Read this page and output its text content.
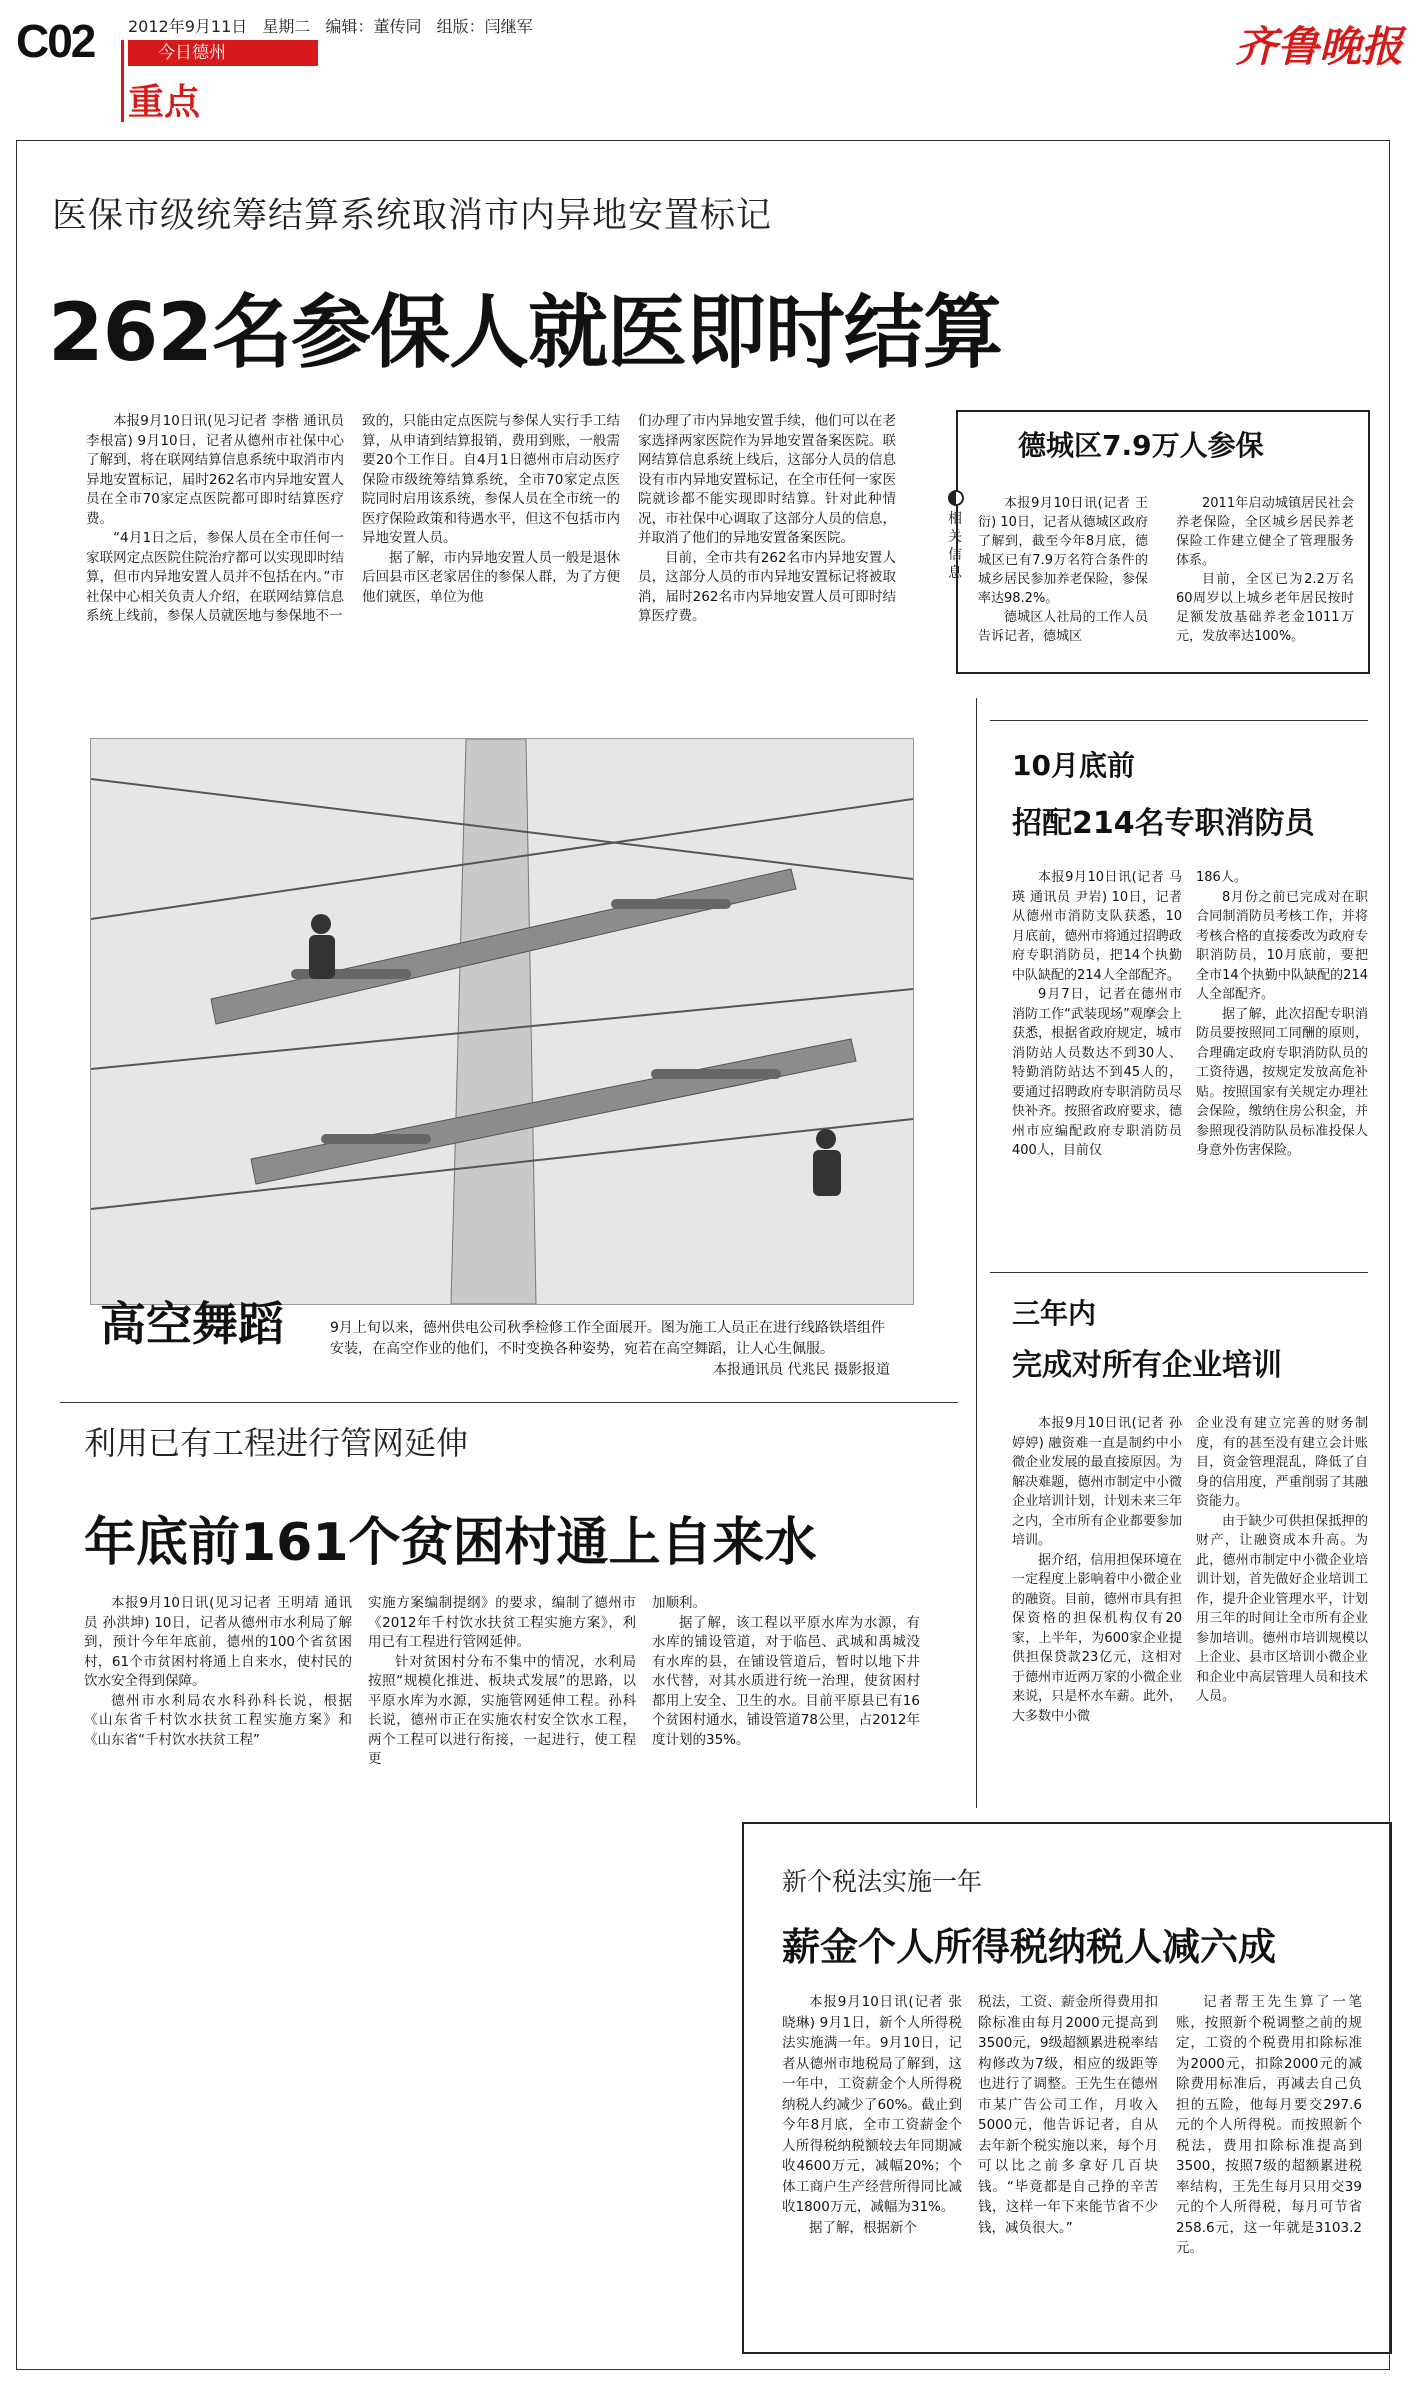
C02 2012年9月11日 星期二 编辑：董传同 组版：闫继军
今日德州
重点
齐鲁晚报
医保市级统筹结算系统取消市内异地安置标记
262名参保人就医即时结算

本报9月10日讯(见习记者 李楷 通讯员 李根富) 9月10日，记者从德州市社保中心了解到，将在联网结算信息系统中取消市内异地安置标记，届时262名市内异地安置人员在全市70家定点医院都可即时结算医疗费。

“4月1日之后，参保人员在全市任何一家联网定点医院住院治疗都可以实现即时结算，但市内异地安置人员并不包括在内。”市社保中心相关负责人介绍，在联网结算信息系统上线前，参保人员就医地与参保地不一

致的，只能由定点医院与参保人实行手工结算，从申请到结算报销，费用到账，一般需要20个工作日。自4月1日德州市启动医疗保险市级统筹结算系统，全市70家定点医院同时启用该系统，参保人员在全市统一的医疗保险政策和待遇水平，但这不包括市内异地安置人员。

据了解，市内异地安置人员一般是退休后回县市区老家居住的参保人群，为了方便他们就医，单位为他

们办理了市内异地安置手续，他们可以在老家选择两家医院作为异地安置备案医院。联网结算信息系统上线后，这部分人员的信息设有市内异地安置标记，在全市任何一家医院就诊都不能实现即时结算。针对此种情况，市社保中心调取了这部分人员的信息，并取消了他们的异地安置备案医院。

目前，全市共有262名市内异地安置人员，这部分人员的市内异地安置标记将被取消，届时262名市内异地安置人员可即时结算医疗费。

德城区7.9万人参保
相关信息

本报9月10日讯(记者 王衍) 10日，记者从德城区政府了解到，截至今年8月底，德城区已有7.9万名符合条件的城乡居民参加养老保险，参保率达98.2%。

德城区人社局的工作人员告诉记者，德城区

2011年启动城镇居民社会养老保险，全区城乡居民养老保险工作建立健全了管理服务体系。

目前，全区已为2.2万名60周岁以上城乡老年居民按时足额发放基础养老金1011万元，发放率达100%。

高空舞蹈	9月上旬以来，德州供电公司秋季检修工作全面展开。图为施工人员正在进行线路铁塔组件安装，在高空作业的他们，不时变换各种姿势，宛若在高空舞蹈，让人心生佩服。
本报通讯员 代兆民 摄影报道
10月底前
招配214名专职消防员

本报9月10日讯(记者 马瑛 通讯员 尹岩) 10日，记者从德州市消防支队获悉，10月底前，德州市将通过招聘政府专职消防员，把14个执勤中队缺配的214人全部配齐。

9月7日，记者在德州市消防工作“武装现场”观摩会上获悉，根据省政府规定，城市消防站人员数达不到30人、特勤消防站达不到45人的，要通过招聘政府专职消防员尽快补齐。按照省政府要求，德州市应编配政府专职消防员400人，目前仅

186人。

8月份之前已完成对在职合同制消防员考核工作，并将考核合格的直接委改为政府专职消防员，10月底前，要把全市14个执勤中队缺配的214人全部配齐。

据了解，此次招配专职消防员要按照同工同酬的原则，合理确定政府专职消防队员的工资待遇，按规定发放高危补贴。按照国家有关规定办理社会保险，缴纳住房公积金，并参照现役消防队员标准投保人身意外伤害保险。

三年内
完成对所有企业培训

本报9月10日讯(记者 孙婷婷) 融资难一直是制约中小微企业发展的最直接原因。为解决难题，德州市制定中小微企业培训计划，计划未来三年之内，全市所有企业都要参加培训。

据介绍，信用担保环境在一定程度上影响着中小微企业的融资。目前，德州市具有担保资格的担保机构仅有20家，上半年，为600家企业提供担保贷款23亿元，这相对于德州市近两万家的小微企业来说，只是杯水车薪。此外，大多数中小微

企业没有建立完善的财务制度，有的甚至没有建立会计账目，资金管理混乱，降低了自身的信用度，严重削弱了其融资能力。

由于缺少可供担保抵押的财产，让融资成本升高。为此，德州市制定中小微企业培训计划，首先做好企业培训工作，提升企业管理水平，计划用三年的时间让全市所有企业参加培训。德州市培训规模以上企业、县市区培训小微企业和企业中高层管理人员和技术人员。

利用已有工程进行管网延伸
年底前161个贫困村通上自来水

本报9月10日讯(见习记者 王明靖 通讯员 孙洪坤) 10日，记者从德州市水利局了解到，预计今年年底前，德州的100个省贫困村，61个市贫困村将通上自来水，使村民的饮水安全得到保障。

德州市水利局农水科孙科长说，根据《山东省千村饮水扶贫工程实施方案》和《山东省“千村饮水扶贫工程”

实施方案编制提纲》的要求，编制了德州市《2012年千村饮水扶贫工程实施方案》，利用已有工程进行管网延伸。

针对贫困村分布不集中的情况，水利局按照“规模化推进、板块式发展”的思路，以平原水库为水源，实施管网延伸工程。孙科长说，德州市正在实施农村安全饮水工程，两个工程可以进行衔接，一起进行，使工程更

加顺利。

据了解，该工程以平原水库为水源，有水库的铺设管道，对于临邑、武城和禹城没有水库的县，在铺设管道后，暂时以地下井水代替，对其水质进行统一治理，使贫困村都用上安全、卫生的水。目前平原县已有16个贫困村通水，铺设管道78公里，占2012年度计划的35%。

新个税法实施一年
薪金个人所得税纳税人减六成

本报9月10日讯(记者 张晓琳) 9月1日，新个人所得税法实施满一年。9月10日，记者从德州市地税局了解到，这一年中，工资薪金个人所得税纳税人约减少了60%。截止到今年8月底，全市工资薪金个人所得税纳税额较去年同期减收4600万元，减幅20%；个体工商户生产经营所得同比减收1800万元，减幅为31%。

据了解，根据新个

税法，工资、薪金所得费用扣除标准由每月2000元提高到3500元，9级超额累进税率结构修改为7级，相应的级距等也进行了调整。王先生在德州市某广告公司工作，月收入5000元，他告诉记者，自从去年新个税实施以来，每个月可以比之前多拿好几百块钱。“毕竟都是自己挣的辛苦钱，这样一年下来能节省不少钱，减负很大。”

记者帮王先生算了一笔账，按照新个税调整之前的规定，工资的个税费用扣除标准为2000元，扣除2000元的减除费用标准后，再减去自己负担的五险，他每月要交297.6元的个人所得税。而按照新个税法，费用扣除标准提高到3500，按照7级的超额累进税率结构，王先生每月只用交39元的个人所得税，每月可节省258.6元，这一年就是3103.2元。
